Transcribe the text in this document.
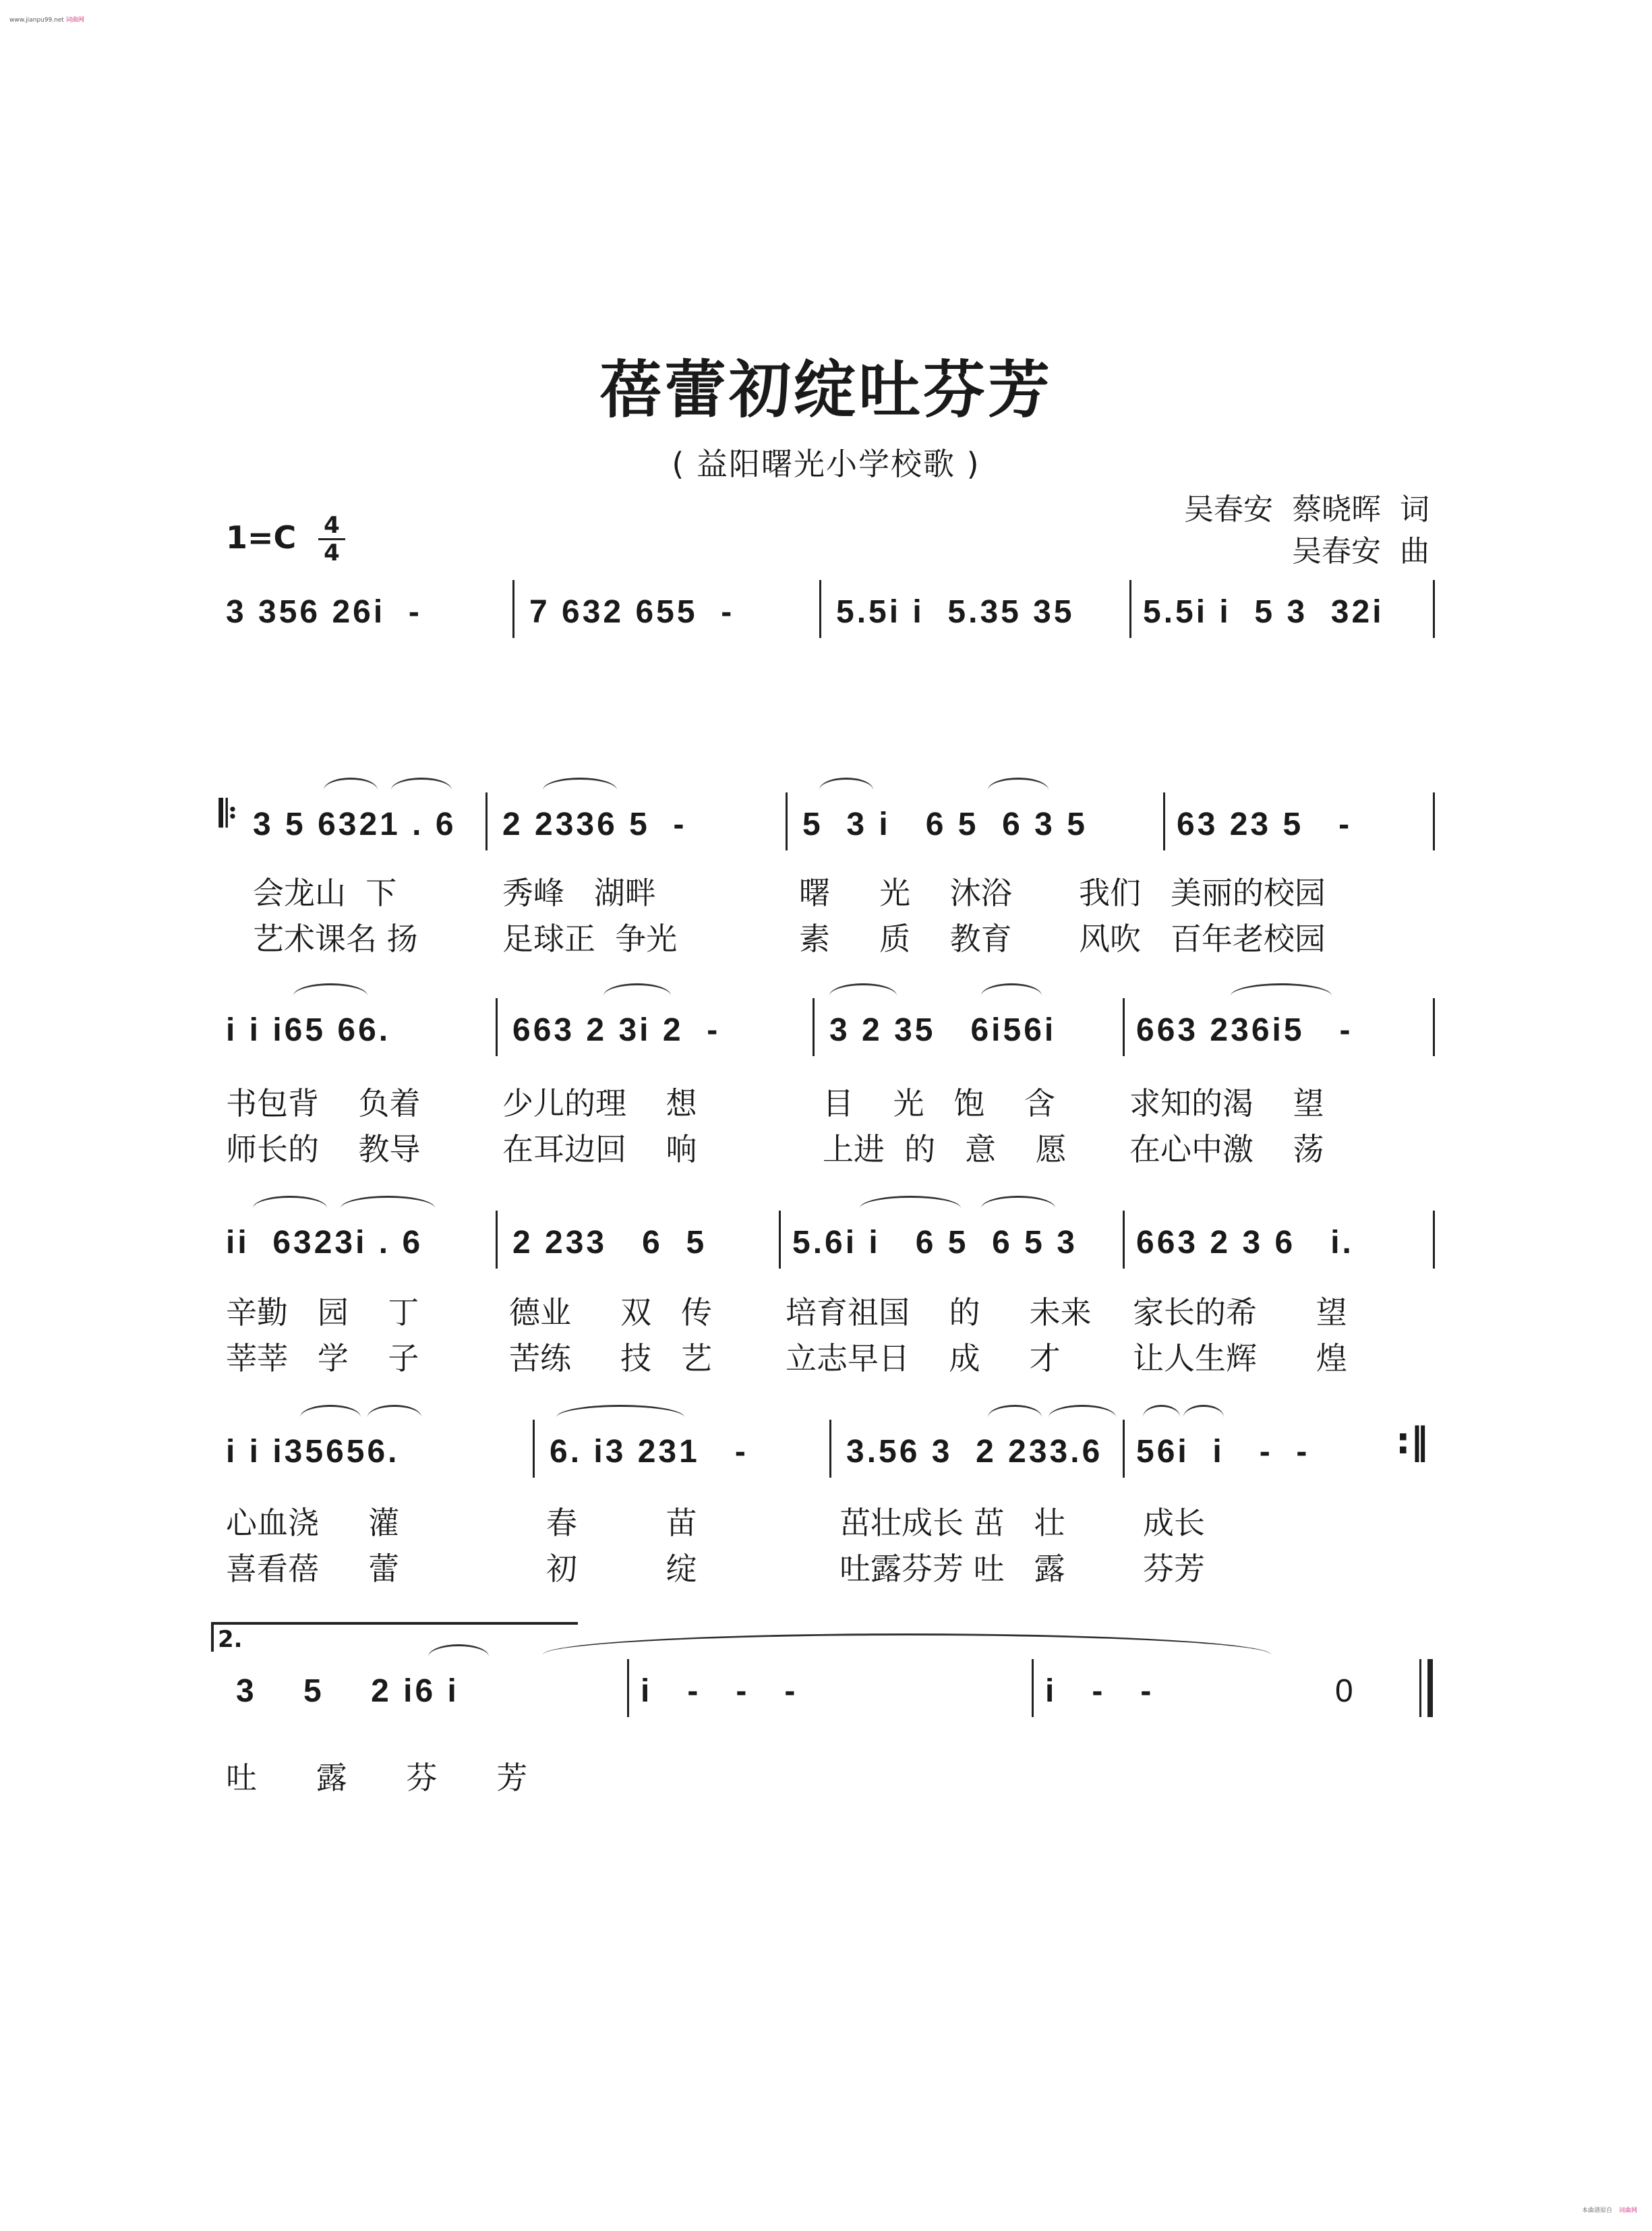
www.jianpu99.net 词曲网
本曲谱原自 词曲网
蓓蕾初绽吐芬芳
( 益阳曙光小学校歌 )
吴春安  蔡晓晖  词
吴春安  曲
1=C 4
4
3 356 26i  -	7 632 655  -	5.5i i  5.35 35 5.5i i  5 3  32i
𝄆 3 5 6321 . 6 2 2336 5  -	5  3 i   6 5  6 3 5	63 23 5   -
会龙山  下	秀峰   湖畔	曙     光    沐浴 我们   美丽的校园
艺术课名 扬	足球正  争光	素     质    教育 风吹   百年老校园
i i i65 66.	663 2 3i 2  -	3 2 35   6i56i 663 236i5   -
书包背    负着	少儿的理    想	目    光   饱    含 求知的渴    望
师长的    教导	在耳边回    响	上进  的   意    愿 在心中激    荡
ii  6323i . 6	2 233   6  5	5.6i i   6 5  6 5 3 663 2 3 6   i.
辛勤   园    丁	德业     双   传 培育祖国    的     未来 家长的希      望
莘莘   学    子	苦练     技   艺 立志早日    成     才 让人生辉      煌
i i i35656.	6. i3 231   -	3.56 3  2 233.6 56i  i   -  - :‖
心血浇     灌	春         苗	茁壮成长 茁   壮	成长
喜看蓓     蕾	初         绽	吐露芬芳 吐   露	芬芳
2.
3    5    2 i6 i	i   -   -   -	i   -   -	0
吐      露      芬      芳
